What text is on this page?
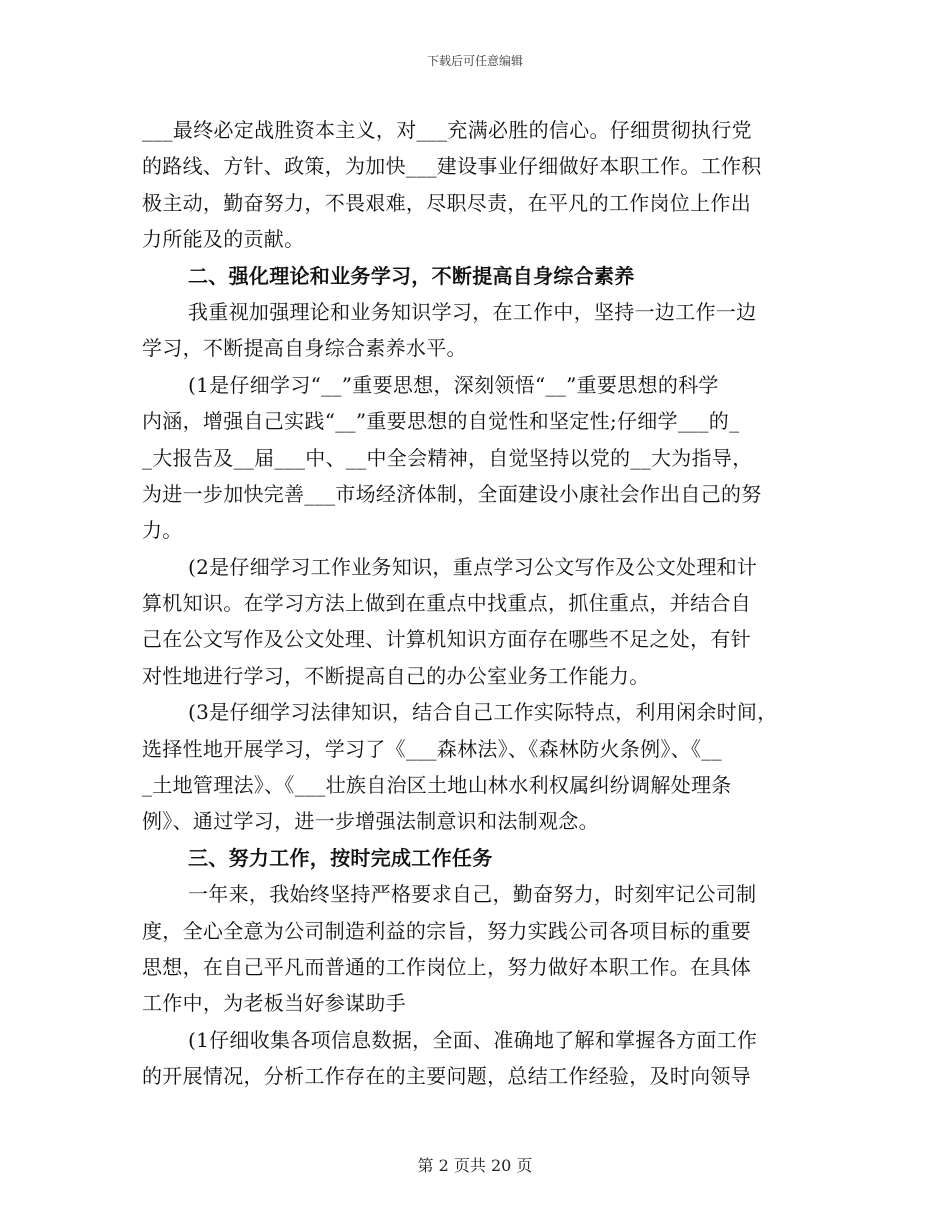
下载后可任意编辑
___最终必定战胜资本主义，对___充满必胜的信心。仔细贯彻执行党
的路线、方针、政策，为加快___建设事业仔细做好本职工作。工作积
极主动，勤奋努力，不畏艰难，尽职尽责，在平凡的工作岗位上作出
力所能及的贡献。
二、强化理论和业务学习，不断提高自身综合素养
我重视加强理论和业务知识学习，在工作中，坚持一边工作一边
学习，不断提高自身综合素养水平。
(1是仔细学习“__”重要思想，深刻领悟“__”重要思想的科学
内涵，增强自己实践“__”重要思想的自觉性和坚定性;仔细学___的_
_大报告及__届___中、__中全会精神，自觉坚持以党的__大为指导，
为进一步加快完善___市场经济体制，全面建设小康社会作出自己的努
力。
(2是仔细学习工作业务知识，重点学习公文写作及公文处理和计
算机知识。在学习方法上做到在重点中找重点，抓住重点，并结合自
己在公文写作及公文处理、计算机知识方面存在哪些不足之处，有针
对性地进行学习，不断提高自己的办公室业务工作能力。
(3是仔细学习法律知识，结合自己工作实际特点，利用闲余时间，
选择性地开展学习，学习了《___森林法》、《森林防火条例》、《__
_土地管理法》、《___壮族自治区土地山林水利权属纠纷调解处理条
例》、通过学习，进一步增强法制意识和法制观念。
三、努力工作，按时完成工作任务
一年来，我始终坚持严格要求自己，勤奋努力，时刻牢记公司制
度，全心全意为公司制造利益的宗旨，努力实践公司各项目标的重要
思想，在自己平凡而普通的工作岗位上，努力做好本职工作。在具体
工作中，为老板当好参谋助手
(1仔细收集各项信息数据，全面、准确地了解和掌握各方面工作
的开展情况，分析工作存在的主要问题，总结工作经验，及时向领导
第 2 页共 20 页
